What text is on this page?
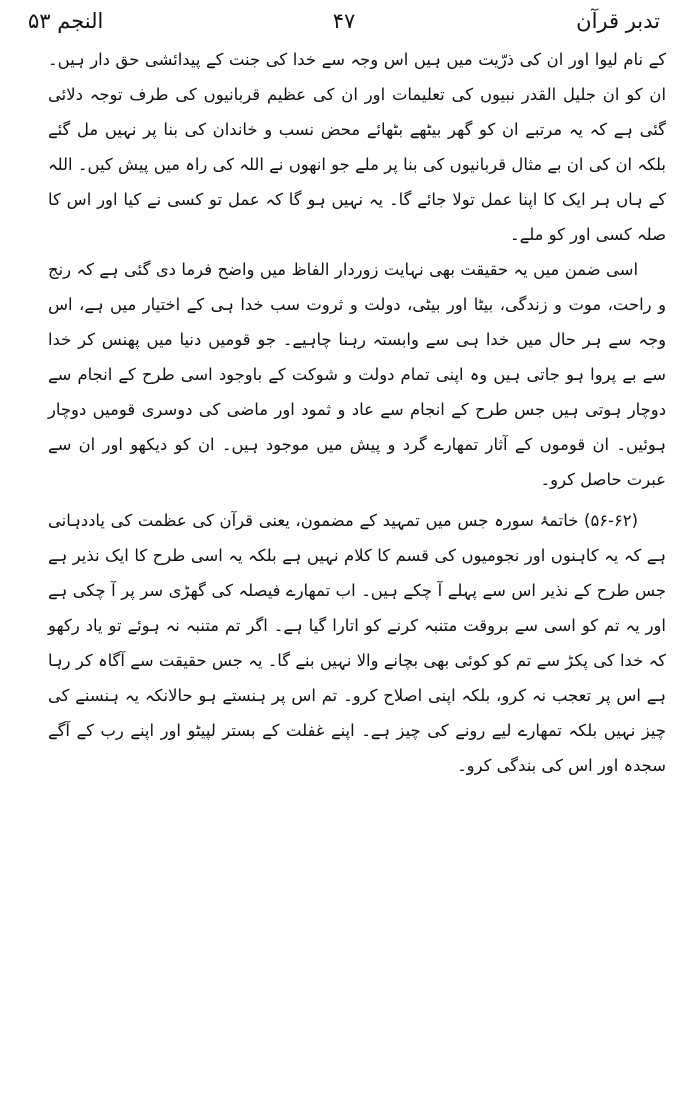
تدبر قرآن
۴۷
النجم ۵۳

کے نام لیوا اور ان کی ذرّیت میں ہیں اس وجہ سے خدا کی جنت کے پیدائشی حق دار ہیں۔ ان کو ان جلیل القدر نبیوں کی تعلیمات اور ان کی عظیم قربانیوں کی طرف توجہ دلائی گئی ہے کہ یہ مرتبے ان کو گھر بیٹھے بٹھائے محض نسب و خاندان کی بنا پر نہیں مل گئے بلکہ ان کی ان بے مثال قربانیوں کی بنا پر ملے جو انھوں نے اللہ کی راہ میں پیش کیں۔ اللہ کے ہاں ہر ایک کا اپنا عمل تولا جائے گا۔ یہ نہیں ہو گا کہ عمل تو کسی نے کیا اور اس کا صلہ کسی اور کو ملے۔

اسی ضمن میں یہ حقیقت بھی نہایت زوردار الفاظ میں واضح فرما دی گئی ہے کہ رنج و راحت، موت و زندگی، بیٹا اور بیٹی، دولت و ثروت سب خدا ہی کے اختیار میں ہے، اس وجہ سے ہر حال میں خدا ہی سے وابستہ رہنا چاہیے۔ جو قومیں دنیا میں پھنس کر خدا سے بے پروا ہو جاتی ہیں وہ اپنی تمام دولت و شوکت کے باوجود اسی طرح کے انجام سے دوچار ہوتی ہیں جس طرح کے انجام سے عاد و ثمود اور ماضی کی دوسری قومیں دوچار ہوئیں۔ ان قوموں کے آثار تمھارے گرد و پیش میں موجود ہیں۔ ان کو دیکھو اور ان سے عبرت حاصل کرو۔

(۵۶-۶۲) خاتمۂ سورہ جس میں تمہید کے مضمون، یعنی قرآن کی عظمت کی یاددہانی ہے کہ یہ کاہنوں اور نجومیوں کی قسم کا کلام نہیں ہے بلکہ یہ اسی طرح کا ایک نذیر ہے جس طرح کے نذیر اس سے پہلے آ چکے ہیں۔ اب تمھارے فیصلہ کی گھڑی سر پر آ چکی ہے اور یہ تم کو اسی سے بروقت متنبہ کرنے کو اتارا گیا ہے۔ اگر تم متنبہ نہ ہوئے تو یاد رکھو کہ خدا کی پکڑ سے تم کو کوئی بھی بچانے والا نہیں بنے گا۔ یہ جس حقیقت سے آگاہ کر رہا ہے اس پر تعجب نہ کرو، بلکہ اپنی اصلاح کرو۔ تم اس پر ہنستے ہو حالانکہ یہ ہنسنے کی چیز نہیں بلکہ تمھارے لیے رونے کی چیز ہے۔ اپنے غفلت کے بستر لپیٹو اور اپنے رب کے آگے سجدہ اور اس کی بندگی کرو۔
